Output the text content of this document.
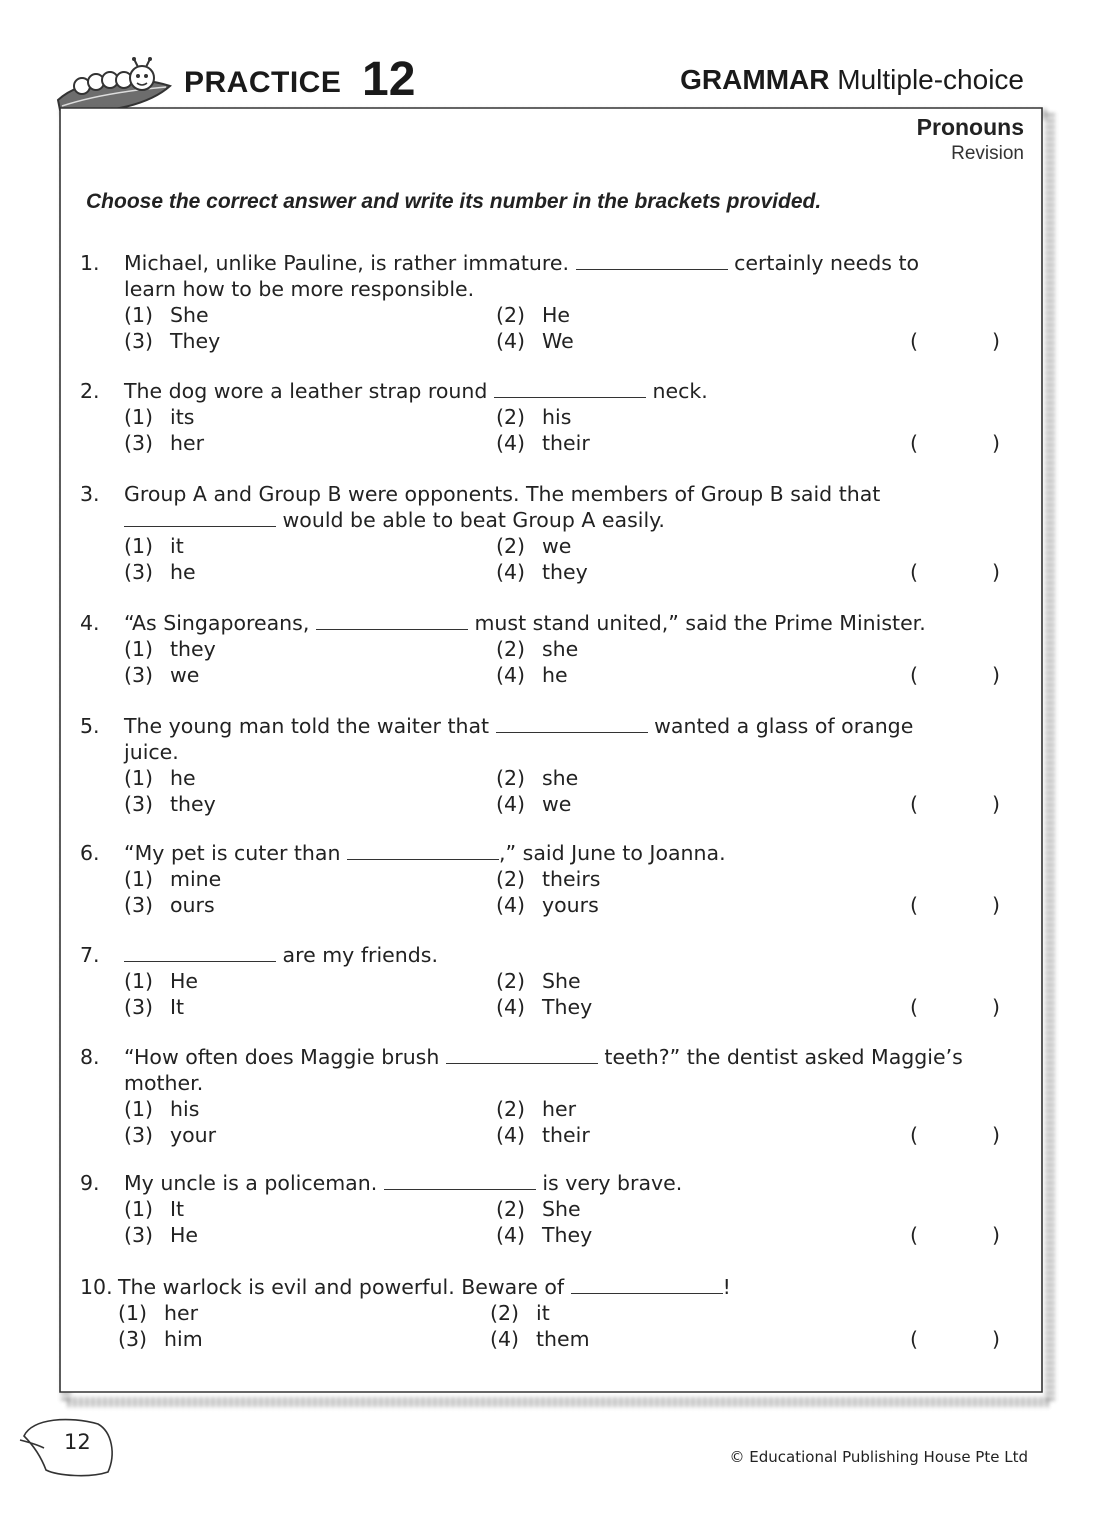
PRACTICE 12	GRAMMAR Multiple-choice
Pronouns
Revision
Choose the correct answer and write its number in the brackets provided.
1.	Michael, unlike Pauline, is rather immature.	certainly needs to learn how to be more responsible.
(1) She	(2) He
(3) They	(4) We	(	)
2.	The dog wore a leather strap round	neck.
(1) its	(2) his
(3) her	(4) their	(	)
3.	Group A and Group B were opponents. The members of Group B said that  would be able to beat Group A easily.
(1) it	(2) we
(3) he	(4) they	(	)
4.	“As Singaporeans,	must stand united,” said the Prime Minister.
(1) they	(2) she
(3) we	(4) he	(	)
5.	The young man told the waiter that	wanted a glass of orange juice.
(1) he	(2) she
(3) they	(4) we	(	)
6.	“My pet is cuter than	,” said June to Joanna.
(1) mine	(2) theirs
(3) ours	(4) yours	(	)
7.	are my friends.
(1) He	(2) She
(3) It	(4) They	(	)
8.	“How often does Maggie brush	teeth?” the dentist asked Maggie’s mother.
(1) his	(2) her
(3) your	(4) their	(	)
9.	My uncle is a policeman.	is very brave.
(1) It	(2) She
(3) He	(4) They	(	)
10. The warlock is evil and powerful. Beware of	!
(1) her	(2) it
(3) him	(4) them	(	)
12
© Educational Publishing House Pte Ltd
